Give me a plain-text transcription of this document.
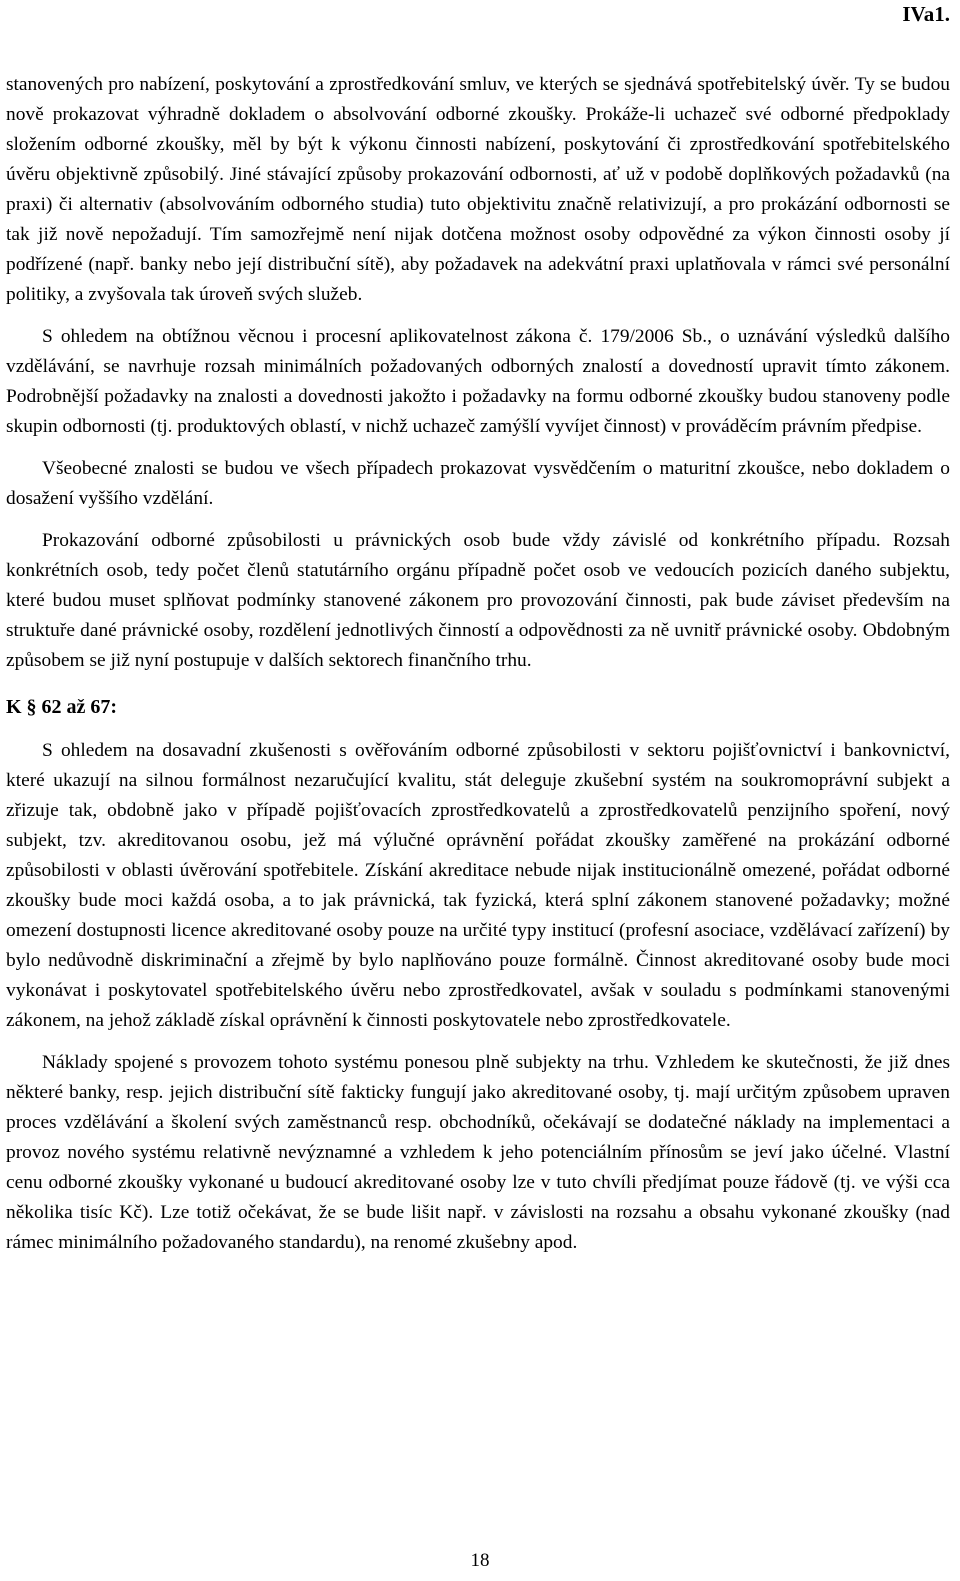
IVa1.

stanovených pro nabízení, poskytování a zprostředkování smluv, ve kterých se sjednává spotřebitelský úvěr. Ty se budou nově prokazovat výhradně dokladem o absolvování odborné zkoušky. Prokáže-li uchazeč své odborné předpoklady složením odborné zkoušky, měl by být k výkonu činnosti nabízení, poskytování či zprostředkování spotřebitelského úvěru objektivně způsobilý. Jiné stávající způsoby prokazování odbornosti, ať už v podobě doplňkových požadavků (na praxi) či alternativ (absolvováním odborného studia) tuto objektivitu značně relativizují, a pro prokázání odbornosti se tak již nově nepožadují. Tím samozřejmě není nijak dotčena možnost osoby odpovědné za výkon činnosti osoby jí podřízené (např. banky nebo její distribuční sítě), aby požadavek na adekvátní praxi uplatňovala v rámci své personální politiky, a zvyšovala tak úroveň svých služeb.

S ohledem na obtížnou věcnou i procesní aplikovatelnost zákona č. 179/2006 Sb., o uznávání výsledků dalšího vzdělávání, se navrhuje rozsah minimálních požadovaných odborných znalostí a dovedností upravit tímto zákonem. Podrobnější požadavky na znalosti a dovednosti jakožto i požadavky na formu odborné zkoušky budou stanoveny podle skupin odbornosti (tj. produktových oblastí, v nichž uchazeč zamýšlí vyvíjet činnost) v prováděcím právním předpise.

Všeobecné znalosti se budou ve všech případech prokazovat vysvědčením o maturitní zkoušce, nebo dokladem o dosažení vyššího vzdělání.

Prokazování odborné způsobilosti u právnických osob bude vždy závislé od konkrétního případu. Rozsah konkrétních osob, tedy počet členů statutárního orgánu případně počet osob ve vedoucích pozicích daného subjektu, které budou muset splňovat podmínky stanovené zákonem pro provozování činnosti, pak bude záviset především na struktuře dané právnické osoby, rozdělení jednotlivých činností a odpovědnosti za ně uvnitř právnické osoby. Obdobným způsobem se již nyní postupuje v dalších sektorech finančního trhu.

K § 62 až 67:

S ohledem na dosavadní zkušenosti s ověřováním odborné způsobilosti v sektoru pojišťovnictví i bankovnictví, které ukazují na silnou formálnost nezaručující kvalitu, stát deleguje zkušební systém na soukromoprávní subjekt a zřizuje tak, obdobně jako v případě pojišťovacích zprostředkovatelů a zprostředkovatelů penzijního spoření, nový subjekt, tzv. akreditovanou osobu, jež má výlučné oprávnění pořádat zkoušky zaměřené na prokázání odborné způsobilosti v oblasti úvěrování spotřebitele. Získání akreditace nebude nijak institucionálně omezené, pořádat odborné zkoušky bude moci každá osoba, a to jak právnická, tak fyzická, která splní zákonem stanovené požadavky; možné omezení dostupnosti licence akreditované osoby pouze na určité typy institucí (profesní asociace, vzdělávací zařízení) by bylo nedůvodně diskriminační a zřejmě by bylo naplňováno pouze formálně. Činnost akreditované osoby bude moci vykonávat i poskytovatel spotřebitelského úvěru nebo zprostředkovatel, avšak v souladu s podmínkami stanovenými zákonem, na jehož základě získal oprávnění k činnosti poskytovatele nebo zprostředkovatele.

Náklady spojené s provozem tohoto systému ponesou plně subjekty na trhu. Vzhledem ke skutečnosti, že již dnes některé banky, resp. jejich distribuční sítě fakticky fungují jako akreditované osoby, tj. mají určitým způsobem upraven proces vzdělávání a školení svých zaměstnanců resp. obchodníků, očekávají se dodatečné náklady na implementaci a provoz nového systému relativně nevýznamné a vzhledem k jeho potenciálním přínosům se jeví jako účelné. Vlastní cenu odborné zkoušky vykonané u budoucí akreditované osoby lze v tuto chvíli předjímat pouze řádově (tj. ve výši cca několika tisíc Kč). Lze totiž očekávat, že se bude lišit např. v závislosti na rozsahu a obsahu vykonané zkoušky (nad rámec minimálního požadovaného standardu), na renomé zkušebny apod.

18
